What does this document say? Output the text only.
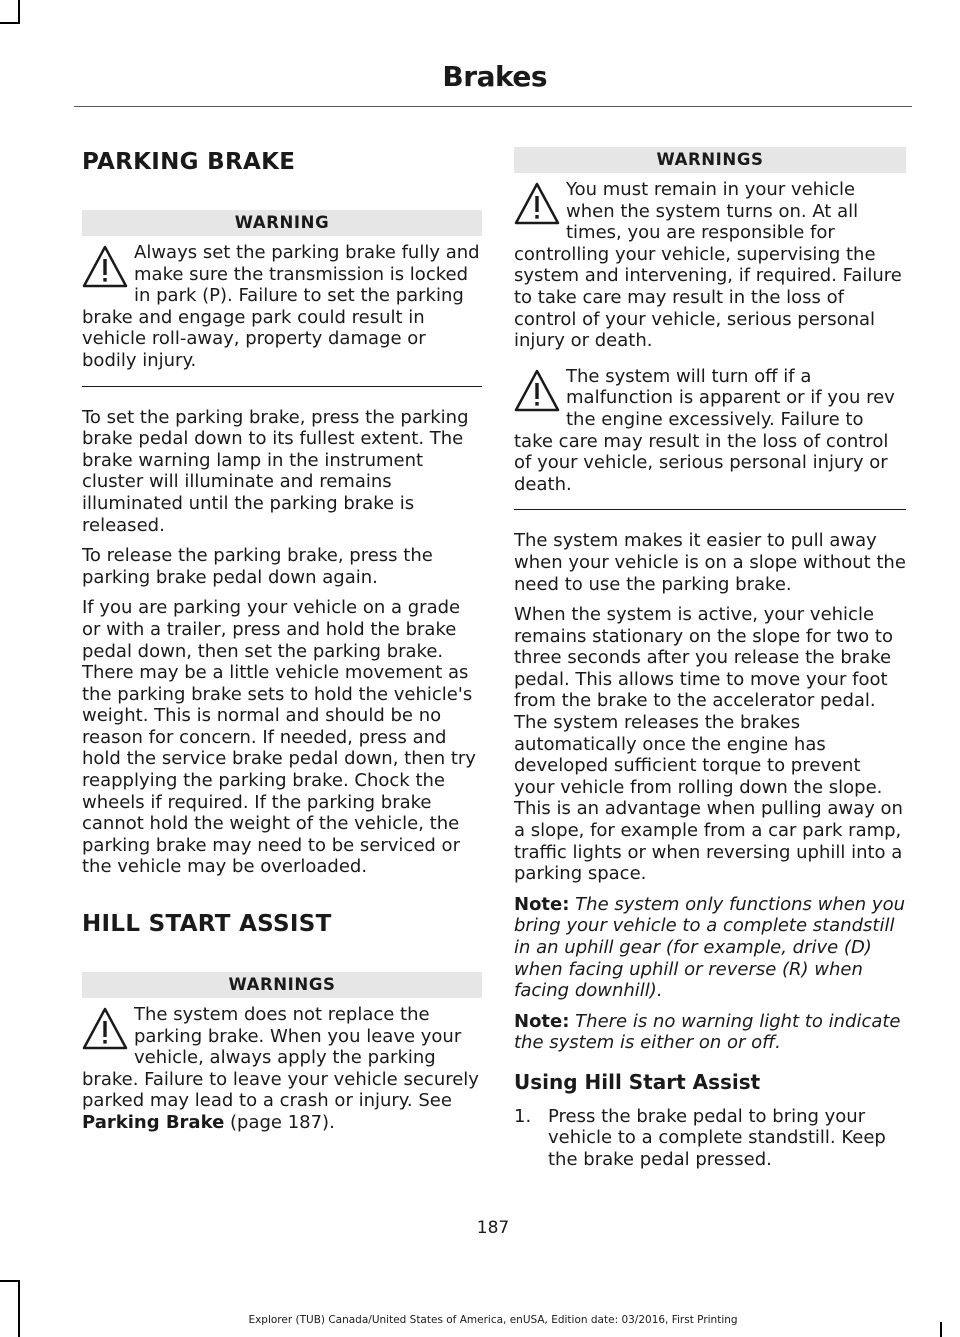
Brakes
PARKING BRAKE
WARNING

Always set the parking brake fully and make sure the transmission is locked in park (P). Failure to set the parking brake and engage park could result in vehicle roll-away, property damage or bodily injury.

To set the parking brake, press the parking brake pedal down to its fullest extent. The brake warning lamp in the instrument cluster will illuminate and remains illuminated until the parking brake is released.

To release the parking brake, press the parking brake pedal down again.

If you are parking your vehicle on a grade or with a trailer, press and hold the brake pedal down, then set the parking brake. There may be a little vehicle movement as the parking brake sets to hold the vehicle's weight. This is normal and should be no reason for concern. If needed, press and hold the service brake pedal down, then try reapplying the parking brake. Chock the wheels if required. If the parking brake cannot hold the weight of the vehicle, the parking brake may need to be serviced or the vehicle may be overloaded.

HILL START ASSIST
WARNINGS

The system does not replace the parking brake. When you leave your vehicle, always apply the parking brake. Failure to leave your vehicle securely parked may lead to a crash or injury. See Parking Brake (page 187).

WARNINGS

You must remain in your vehicle when the system turns on. At all times, you are responsible for controlling your vehicle, supervising the system and intervening, if required. Failure to take care may result in the loss of control of your vehicle, serious personal injury or death.

The system will turn off if a malfunction is apparent or if you rev the engine excessively. Failure to take care may result in the loss of control of your vehicle, serious personal injury or death.

The system makes it easier to pull away when your vehicle is on a slope without the need to use the parking brake.

When the system is active, your vehicle remains stationary on the slope for two to three seconds after you release the brake pedal. This allows time to move your foot from the brake to the accelerator pedal. The system releases the brakes automatically once the engine has developed sufficient torque to prevent your vehicle from rolling down the slope. This is an advantage when pulling away on a slope, for example from a car park ramp, traffic lights or when reversing uphill into a parking space.

Note: The system only functions when you bring your vehicle to a complete standstill in an uphill gear (for example, drive (D) when facing uphill or reverse (R) when facing downhill).

Note: There is no warning light to indicate the system is either on or off.

Using Hill Start Assist
1. Press the brake pedal to bring your vehicle to a complete standstill. Keep the brake pedal pressed.
187
Explorer (TUB) Canada/United States of America, enUSA, Edition date: 03/2016, First Printing
